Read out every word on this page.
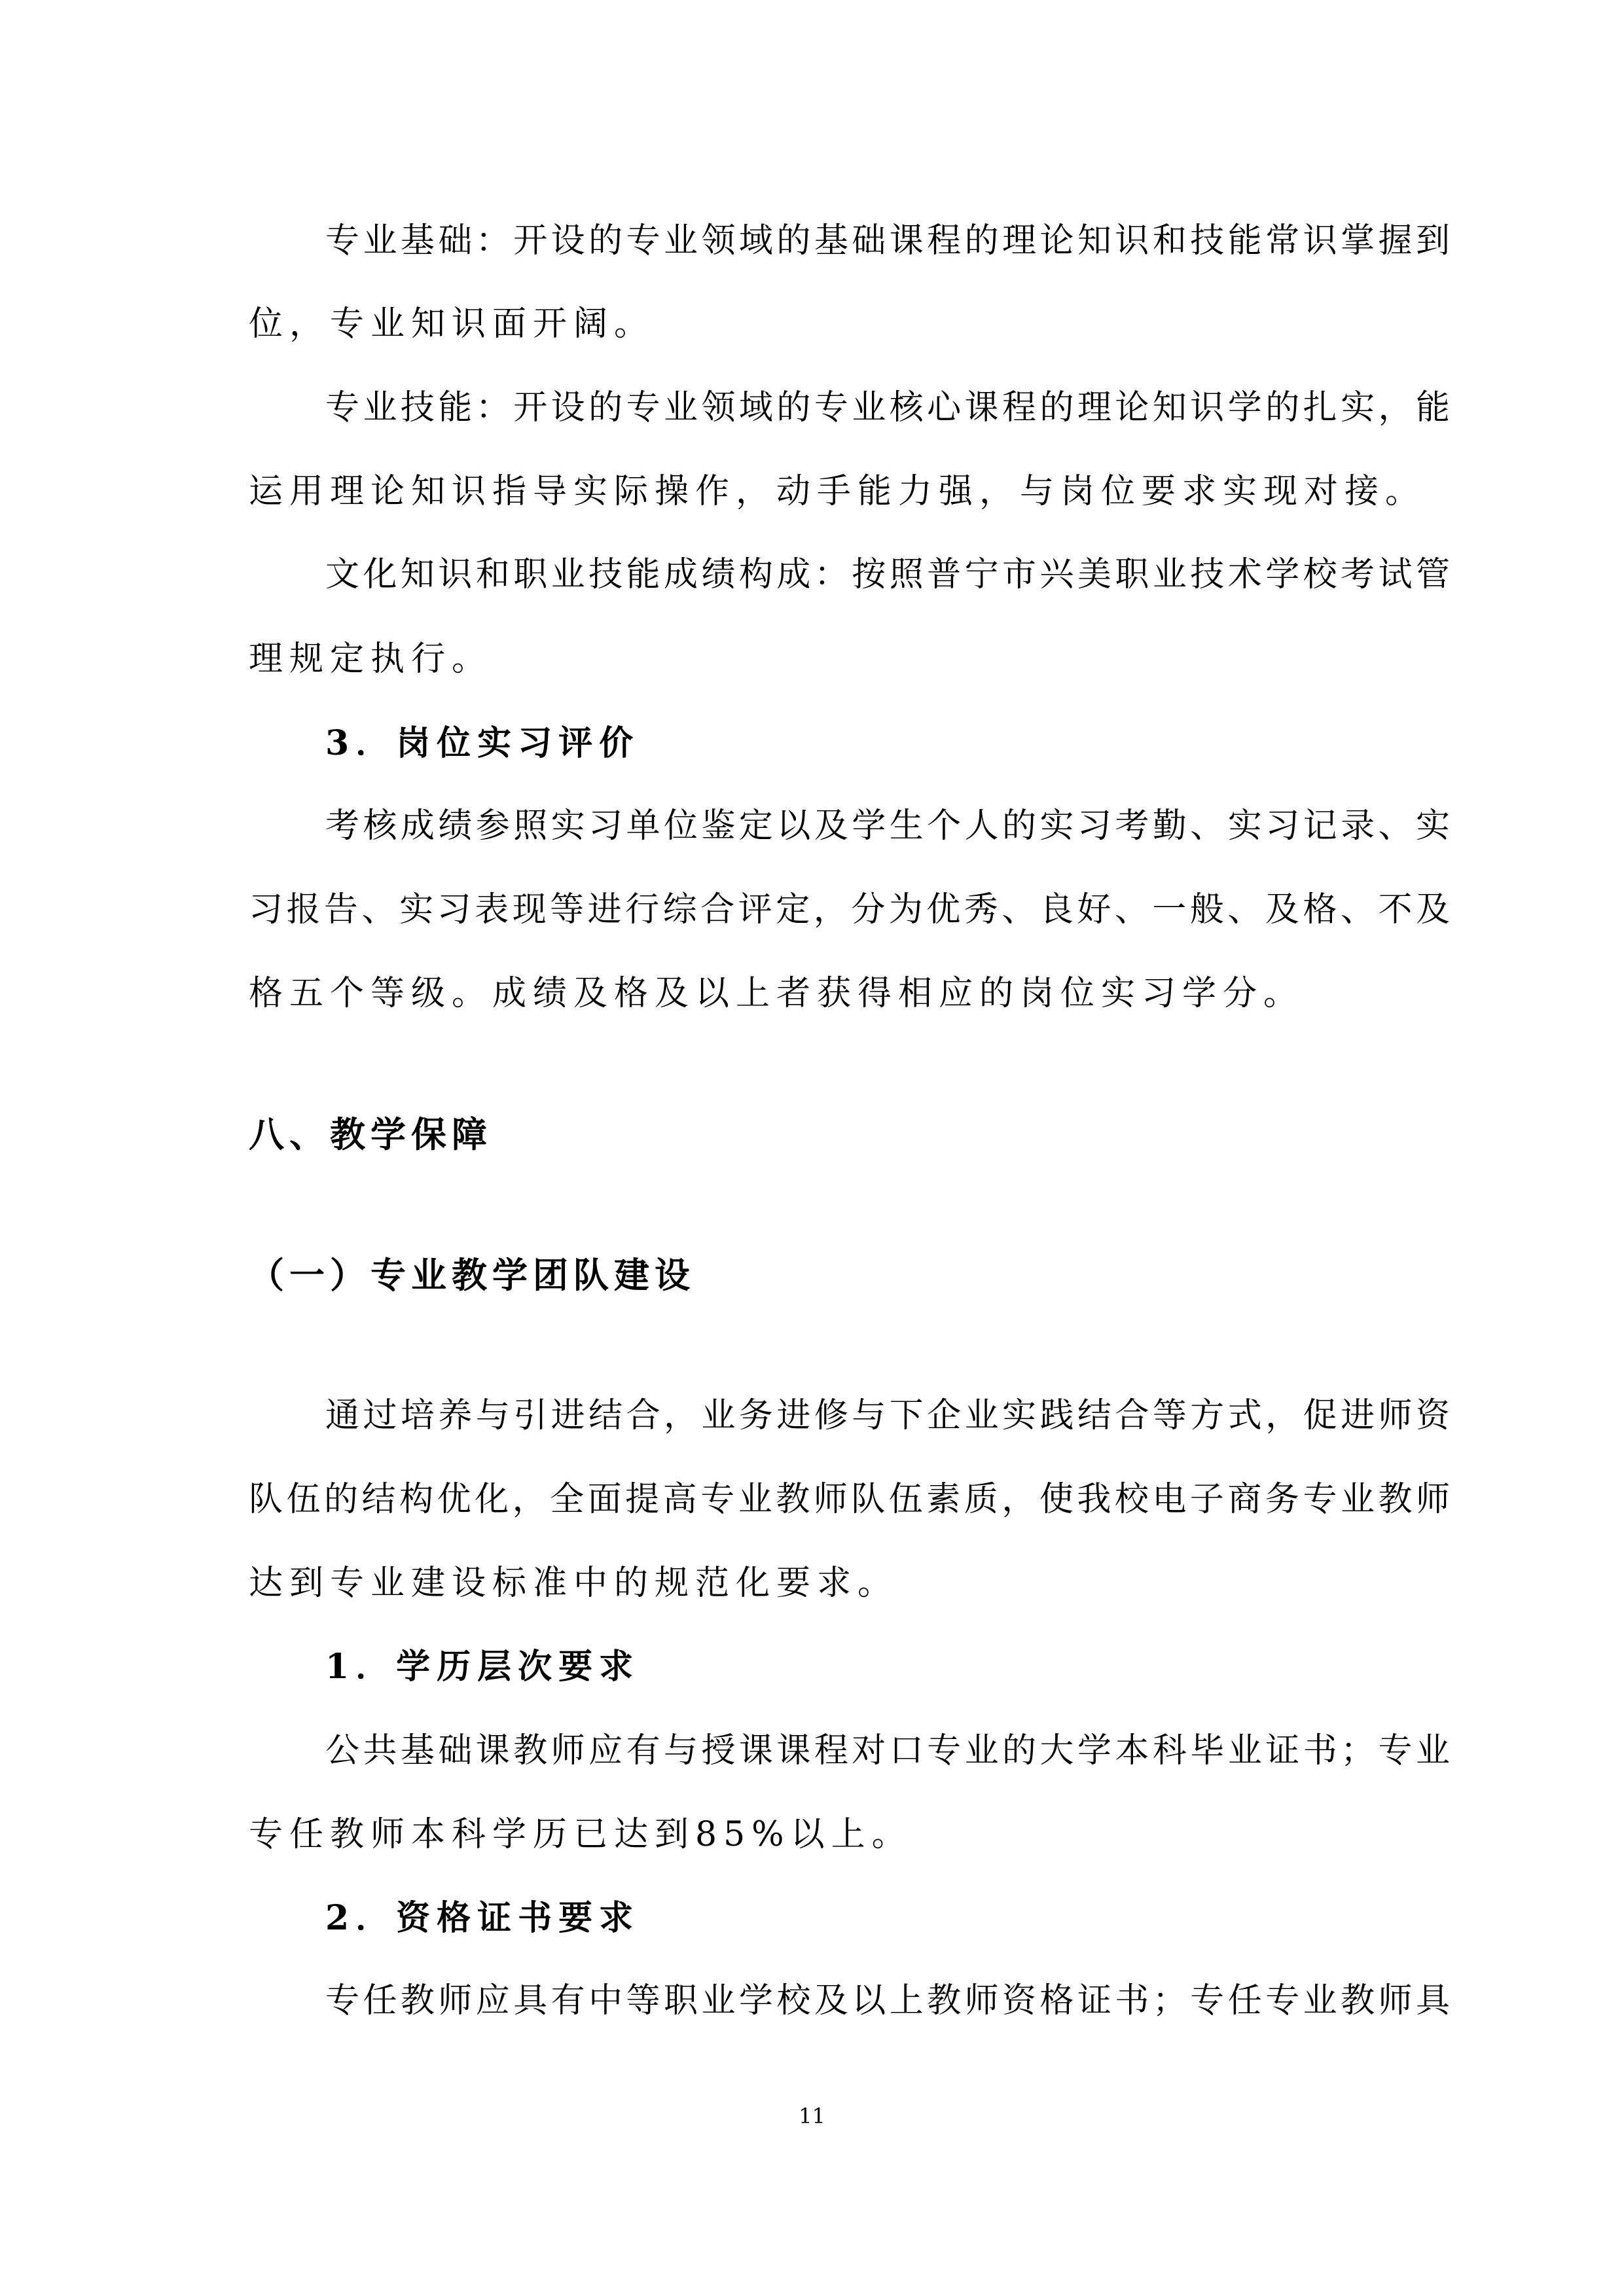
专业基础：开设的专业领域的基础课程的理论知识和技能常识掌握到
位，专业知识面开阔。
专业技能：开设的专业领域的专业核心课程的理论知识学的扎实，能
运用理论知识指导实际操作，动手能力强，与岗位要求实现对接。
文化知识和职业技能成绩构成：按照普宁市兴美职业技术学校考试管
理规定执行。
3．岗位实习评价
考核成绩参照实习单位鉴定以及学生个人的实习考勤、实习记录、实
习报告、实习表现等进行综合评定，分为优秀、良好、一般、及格、不及
格五个等级。成绩及格及以上者获得相应的岗位实习学分。
八、教学保障
（一）专业教学团队建设
通过培养与引进结合，业务进修与下企业实践结合等方式，促进师资
队伍的结构优化，全面提高专业教师队伍素质，使我校电子商务专业教师
达到专业建设标准中的规范化要求。
1．学历层次要求
公共基础课教师应有与授课课程对口专业的大学本科毕业证书；专业
专任教师本科学历已达到85%以上。
2．资格证书要求
专任教师应具有中等职业学校及以上教师资格证书；专任专业教师具
11
